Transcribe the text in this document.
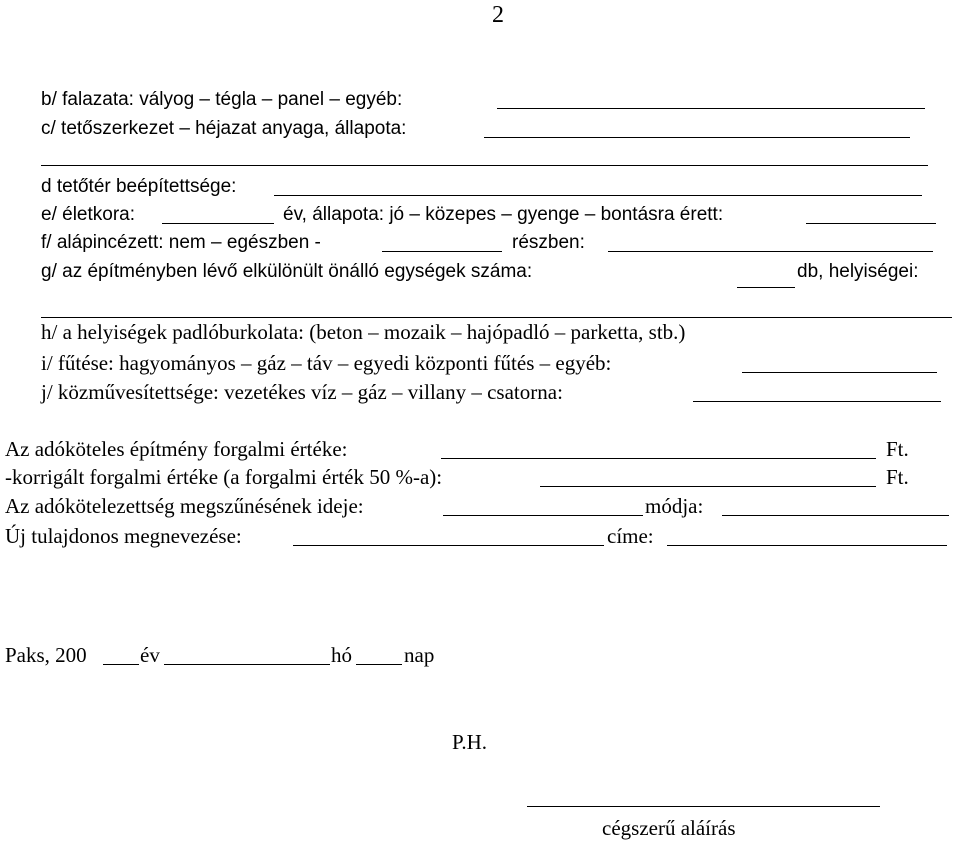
2
b/ falazata: vályog – tégla – panel – egyéb:
c/ tetőszerkezet – héjazat anyaga, állapota:
d tetőtér beépítettsége:
e/ életkora:	év, állapota: jó – közepes – gyenge – bontásra érett:
f/ alápincézett: nem – egészben -	részben:
g/ az építményben lévő elkülönült önálló egységek száma:	db, helyiségei:
h/ a helyiségek padlóburkolata: (beton – mozaik – hajópadló – parketta, stb.)
i/ fűtése: hagyományos – gáz – táv – egyedi központi fűtés – egyéb:
j/ közművesítettsége: vezetékes víz – gáz – villany – csatorna:
Az adóköteles építmény forgalmi értéke:	Ft.
-korrigált forgalmi értéke (a forgalmi érték 50 %-a):	Ft.
Az adókötelezettség megszűnésének ideje:	módja:
Új tulajdonos megnevezése:	címe:
Paks, 200	év	hó nap
P.H.
cégszerű aláírás
